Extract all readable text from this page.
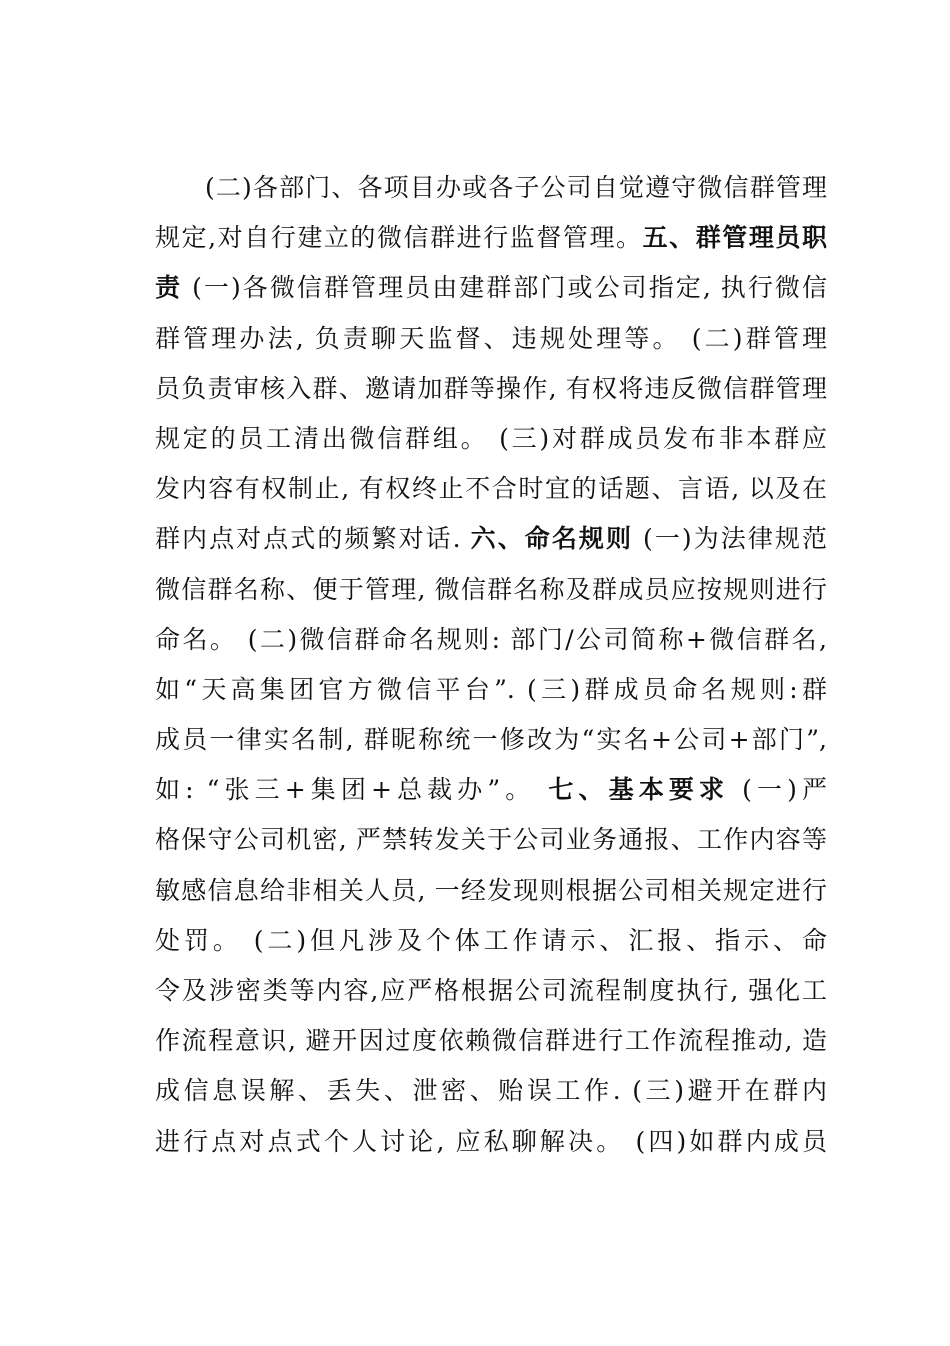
(二)各部门、各项目办或各子公司自觉遵守微信群管理
规定,对自行建立的微信群进行监督管理。五、群管理员职
责 (一)各微信群管理员由建群部门或公司指定, 执行微信
群管理办法, 负责聊天监督、违规处理等。 (二)群管理
员负责审核入群、邀请加群等操作, 有权将违反微信群管理
规定的员工清出微信群组。 (三)对群成员发布非本群应
发内容有权制止, 有权终止不合时宜的话题、言语, 以及在
群内点对点式的频繁对话. 六、命名规则 (一)为法律规范
微信群名称、便于管理, 微信群名称及群成员应按规则进行
命名。 (二)微信群命名规则: 部门/公司简称+微信群名,
如“天高集团官方微信平台”. (三)群成员命名规则:群
成员一律实名制, 群昵称统一修改为“实名+公司+部门”,
如: “张三+集团+总裁办”。 七、基本要求 (一)严
格保守公司机密, 严禁转发关于公司业务通报、工作内容等
敏感信息给非相关人员, 一经发现则根据公司相关规定进行
处罚。 (二)但凡涉及个体工作请示、汇报、指示、命
令及涉密类等内容,应严格根据公司流程制度执行, 强化工
作流程意识, 避开因过度依赖微信群进行工作流程推动, 造
成信息误解、丢失、泄密、贻误工作. (三)避开在群内
进行点对点式个人讨论, 应私聊解决。 (四)如群内成员
